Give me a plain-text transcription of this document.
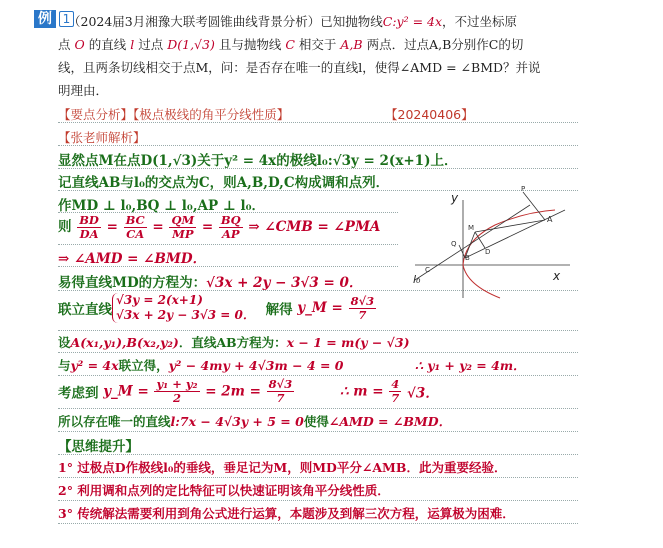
例 1
（2024届3月湘豫大联考圆锥曲线背景分析）已知抛物线C:y² = 4x，不过坐标原
点 O 的直线 l 过点 D(1,√3) 且与抛物线 C 相交于 A,B 两点．过点A,B分别作C的切
线，且两条切线相交于点M，问：是否存在唯一的直线l，使得∠AMD = ∠BMD？并说
明理由．
【要点分析】【极点极线的角平分线性质】	【20240406】
【张老师解析】
显然点M在点D(1,√3)关于y² = 4x的极线l₀:√3y = 2(x+1)上．
记直线AB与l₀的交点为C，则A,B,D,C构成调和点列．
作MD ⊥ l₀,BQ ⊥ l₀,AP ⊥ l₀．
则 $\frac{BD}{DA} = \frac{BC}{CA} = \frac{QM}{MP} = \frac{BQ}{AP}$ ⇒ ∠CMB = ∠PMA
⇒ ∠AMD = ∠BMD．
易得直线MD的方程为：√3x + 2y − 3√3 = 0．
联立直线
√3y = 2(x+1)
√3x + 2y − 3√3 = 0． 解得 y_M = $\frac{8√3}{7}$
设A(x₁,y₁),B(x₂,y₂)．直线AB方程为：x − 1 = m(y − √3)
与y² = 4x联立得，y² − 4my + 4√3m − 4 = 0	∴ y₁ + y₂ = 4m．
考虑到 y_M = $\frac{\text{y₁ + y₂}}{2} = 2m = \frac{8√3}{7}$	∴ $m = \frac{4}{7} √3$．
所以存在唯一的直线l:7x − 4√3y + 5 = 0使得∠AMD = ∠BMD．
【思维提升】
1° 过极点D作极线l₀的垂线，垂足记为M，则MD平分∠AMB．此为重要经验．
2° 利用调和点列的定比特征可以快速证明该角平分线性质．
3° 传统解法需要利用到角公式进行运算，本题涉及到解三次方程，运算极为困难．
y
x
P
A
M
Q
B
D
C
l₀
